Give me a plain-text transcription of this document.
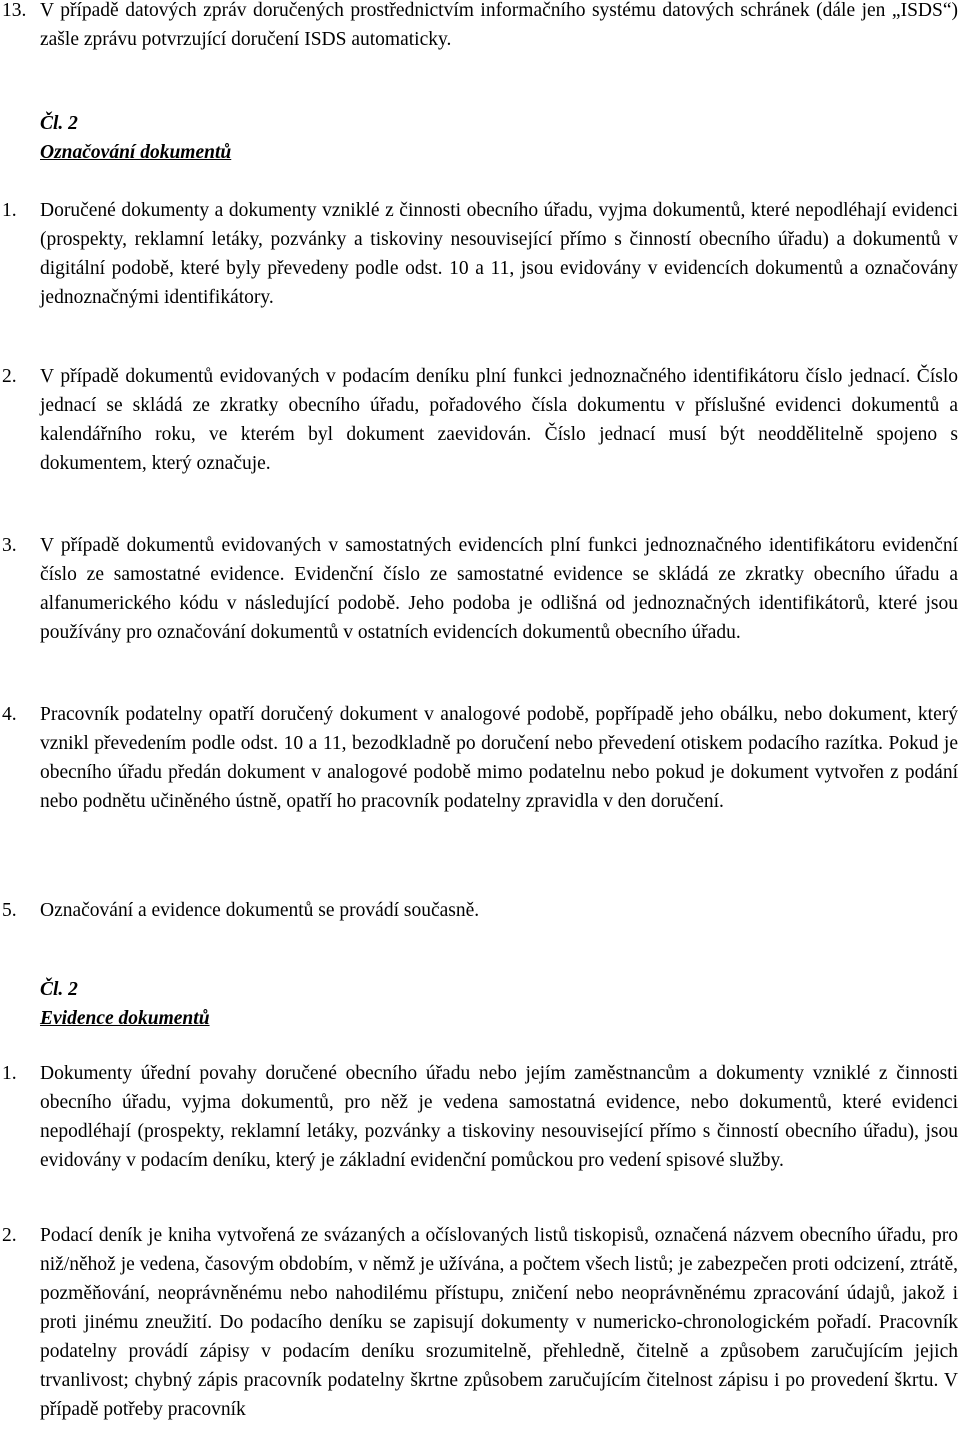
13. V případě datových zpráv doručených prostřednictvím informačního systému datových schránek (dále jen „ISDS“) zašle zprávu potvrzující doručení ISDS automaticky.
Čl. 2
Označování dokumentů
1.	Doručené dokumenty a dokumenty vzniklé z činnosti obecního úřadu, vyjma dokumentů, které nepodléhají evidenci (prospekty, reklamní letáky, pozvánky a tiskoviny nesouvisející přímo s činností obecního úřadu) a dokumentů v digitální podobě, které byly převedeny podle odst. 10 a 11, jsou evidovány v evidencích dokumentů a označovány jednoznačnými identifikátory.
2.	V případě dokumentů evidovaných v podacím deníku plní funkci jednoznačného identifikátoru číslo jednací. Číslo jednací se skládá ze zkratky obecního úřadu, pořadového čísla dokumentu v příslušné evidenci dokumentů a kalendářního roku, ve kterém byl dokument zaevidován. Číslo jednací musí být neoddělitelně spojeno s dokumentem, který označuje.
3.	V případě dokumentů evidovaných v samostatných evidencích plní funkci jednoznačného identifikátoru evidenční číslo ze samostatné evidence. Evidenční číslo ze samostatné evidence se skládá ze zkratky obecního úřadu a alfanumerického kódu v následující podobě. Jeho podoba je odlišná od jednoznačných identifikátorů, které jsou používány pro označování dokumentů v ostatních evidencích dokumentů obecního úřadu.
4.	Pracovník podatelny opatří doručený dokument v analogové podobě, popřípadě jeho obálku, nebo dokument, který vznikl převedením podle odst. 10 a 11, bezodkladně po doručení nebo převedení otiskem podacího razítka. Pokud je obecního úřadu předán dokument v analogové podobě mimo podatelnu nebo pokud je dokument vytvořen z podání nebo podnětu učiněného ústně, opatří ho pracovník podatelny zpravidla v den doručení.
5.	Označování a evidence dokumentů se provádí současně.
Čl. 2
Evidence dokumentů
1.	Dokumenty úřední povahy doručené obecního úřadu nebo jejím zaměstnancům a dokumenty vzniklé z činnosti obecního úřadu, vyjma dokumentů, pro něž je vedena samostatná evidence, nebo dokumentů, které evidenci nepodléhají (prospekty, reklamní letáky, pozvánky a tiskoviny nesouvisející přímo s činností obecního úřadu), jsou evidovány v podacím deníku, který je základní evidenční pomůckou pro vedení spisové služby.
2.	Podací deník je kniha vytvořená ze svázaných a očíslovaných listů tiskopisů, označená názvem obecního úřadu, pro niž/něhož je vedena, časovým obdobím, v němž je užívána, a počtem všech listů; je zabezpečen proti odcizení, ztrátě, pozměňování, neoprávněnému nebo nahodilému přístupu, zničení nebo neoprávněnému zpracování údajů, jakož i proti jinému zneužití. Do podacího deníku se zapisují dokumenty v numericko-chronologickém pořadí. Pracovník podatelny provádí zápisy v podacím deníku srozumitelně, přehledně, čitelně a způsobem zaručujícím jejich trvanlivost; chybný zápis pracovník podatelny škrtne způsobem zaručujícím čitelnost zápisu i po provedení škrtu. V případě potřeby pracovník
